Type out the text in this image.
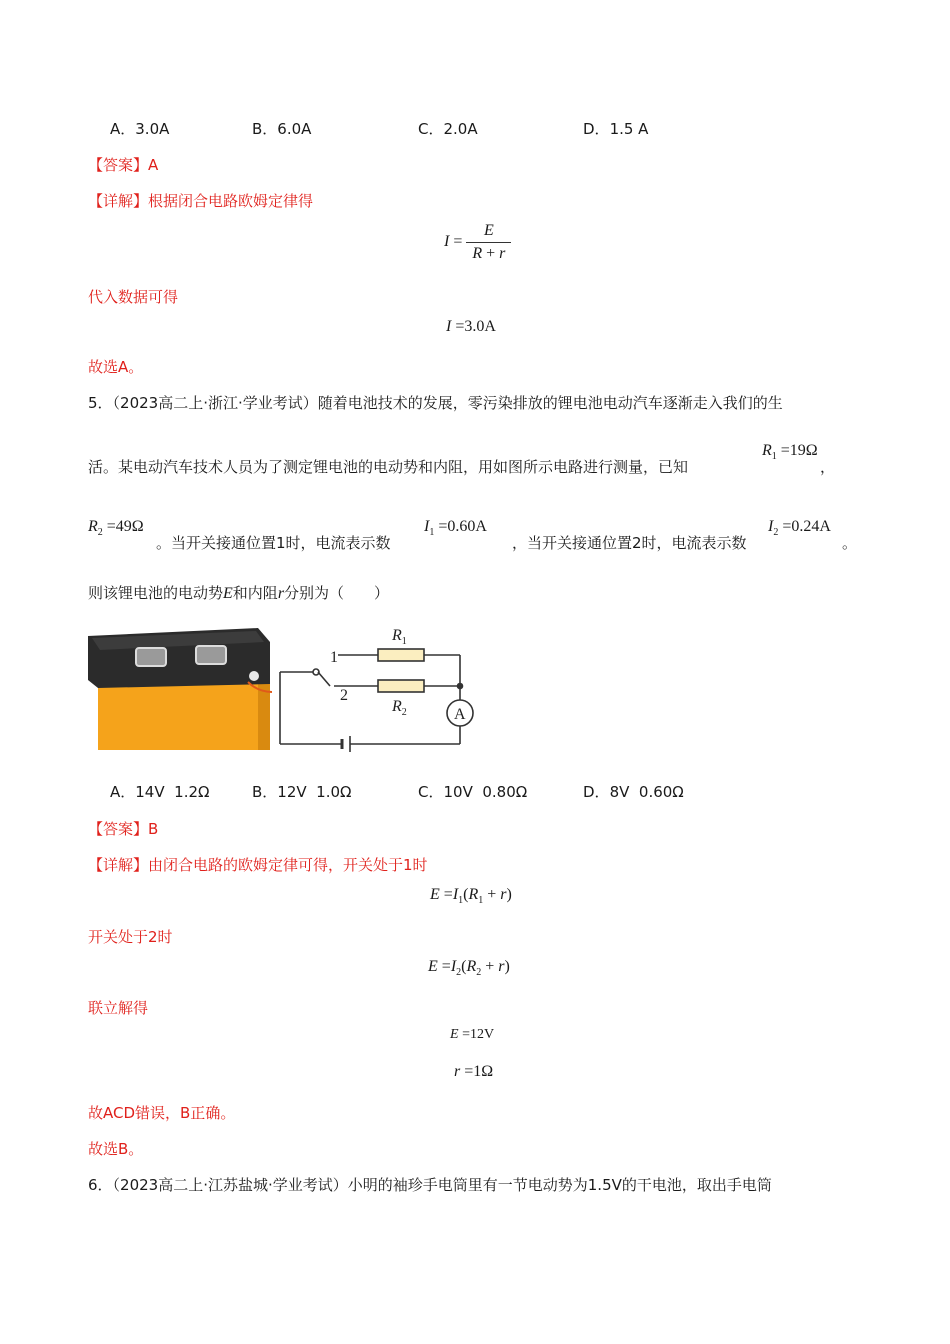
A．3.0A	B．6.0A	C．2.0A	D．1.5 A
【答案】A
【详解】根据闭合电路欧姆定律得
$I = \frac{E}{R + r}$
代入数据可得
I =3.0A
故选A。
5．（2023高二上·浙江·学业考试）随着电池技术的发展，零污染排放的锂电池电动汽车逐渐走入我们的生
活。某电动汽车技术人员为了测定锂电池的电动势和内阻，用如图所示电路进行测量，已知
$R_1 =19\Omega$
，
$R_2 =49\Omega$
。当开关接通位置1时，电流表示数
$I_1 =0.60A$
，当开关接通位置2时，电流表示数
$I_2 =0.24A$
。
则该锂电池的电动势E和内阻r分别为（　　）
1
2
$R_1$
$R_2$	A
A．14V  1.2Ω	B．12V  1.0Ω	C．10V  0.80Ω	D．8V  0.60Ω
【答案】B
【详解】由闭合电路的欧姆定律可得，开关处于1时
$E =I_1(R_1 + r)$
开关处于2时
$E =I_2(R_2 + r)$
联立解得
E =12V
r =1Ω
故ACD错误，B正确。
故选B。
6．（2023高二上·江苏盐城·学业考试）小明的袖珍手电筒里有一节电动势为1.5V的干电池，取出手电筒
